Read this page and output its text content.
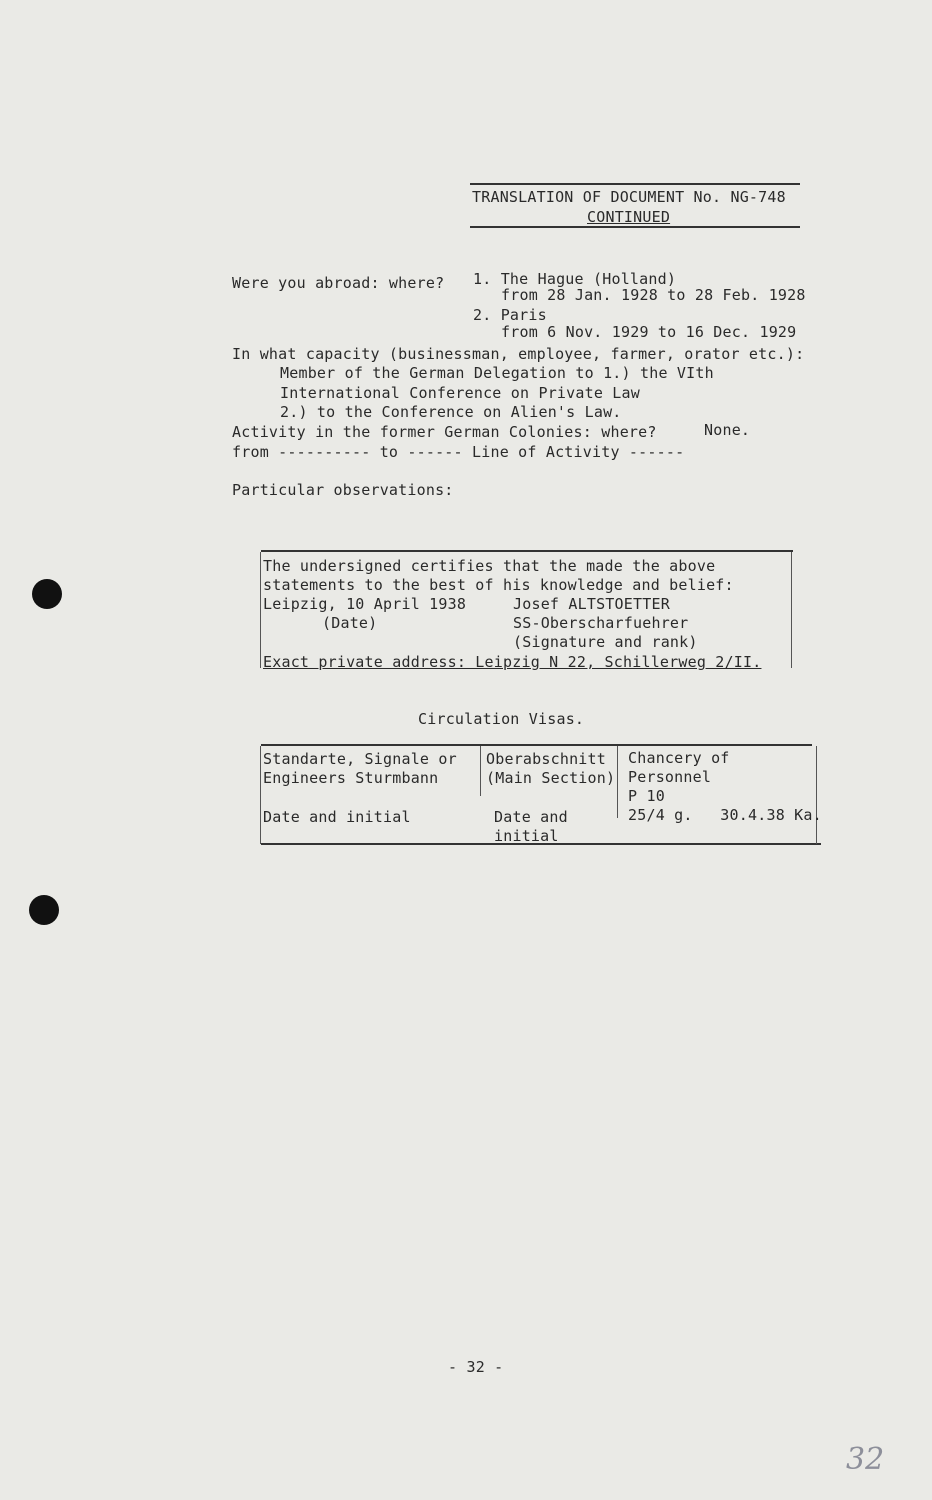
TRANSLATION OF DOCUMENT No. NG-748
CONTINUED
Were you abroad: where? 1. The Hague (Holland)
from 28 Jan. 1928 to 28 Feb. 1928
2. Paris
from 6 Nov. 1929 to 16 Dec. 1929
In what capacity (businessman, employee, farmer, orator etc.):
Member of the German Delegation to 1.) the VIth
International Conference on Private Law
2.) to the Conference on Alien's Law.
Activity in the former German Colonies: where?	None.
from ---------- to ------ Line of Activity ------
Particular observations:
The undersigned certifies that the made the above
statements to the best of his knowledge and belief:
Leipzig, 10 April 1938
(Date)
Josef ALTSTOETTER
SS-Oberscharfuehrer
(Signature and rank)
Exact private address: Leipzig N 22, Schillerweg 2/II.
Circulation Visas.
Standarte, Signale or
Engineers Sturmbann
Date and initial
Oberabschnitt
(Main Section)
Date and
initial
Chancery of
Personnel
P 10
25/4 g.   30.4.38 Ka.
- 32 -
32
